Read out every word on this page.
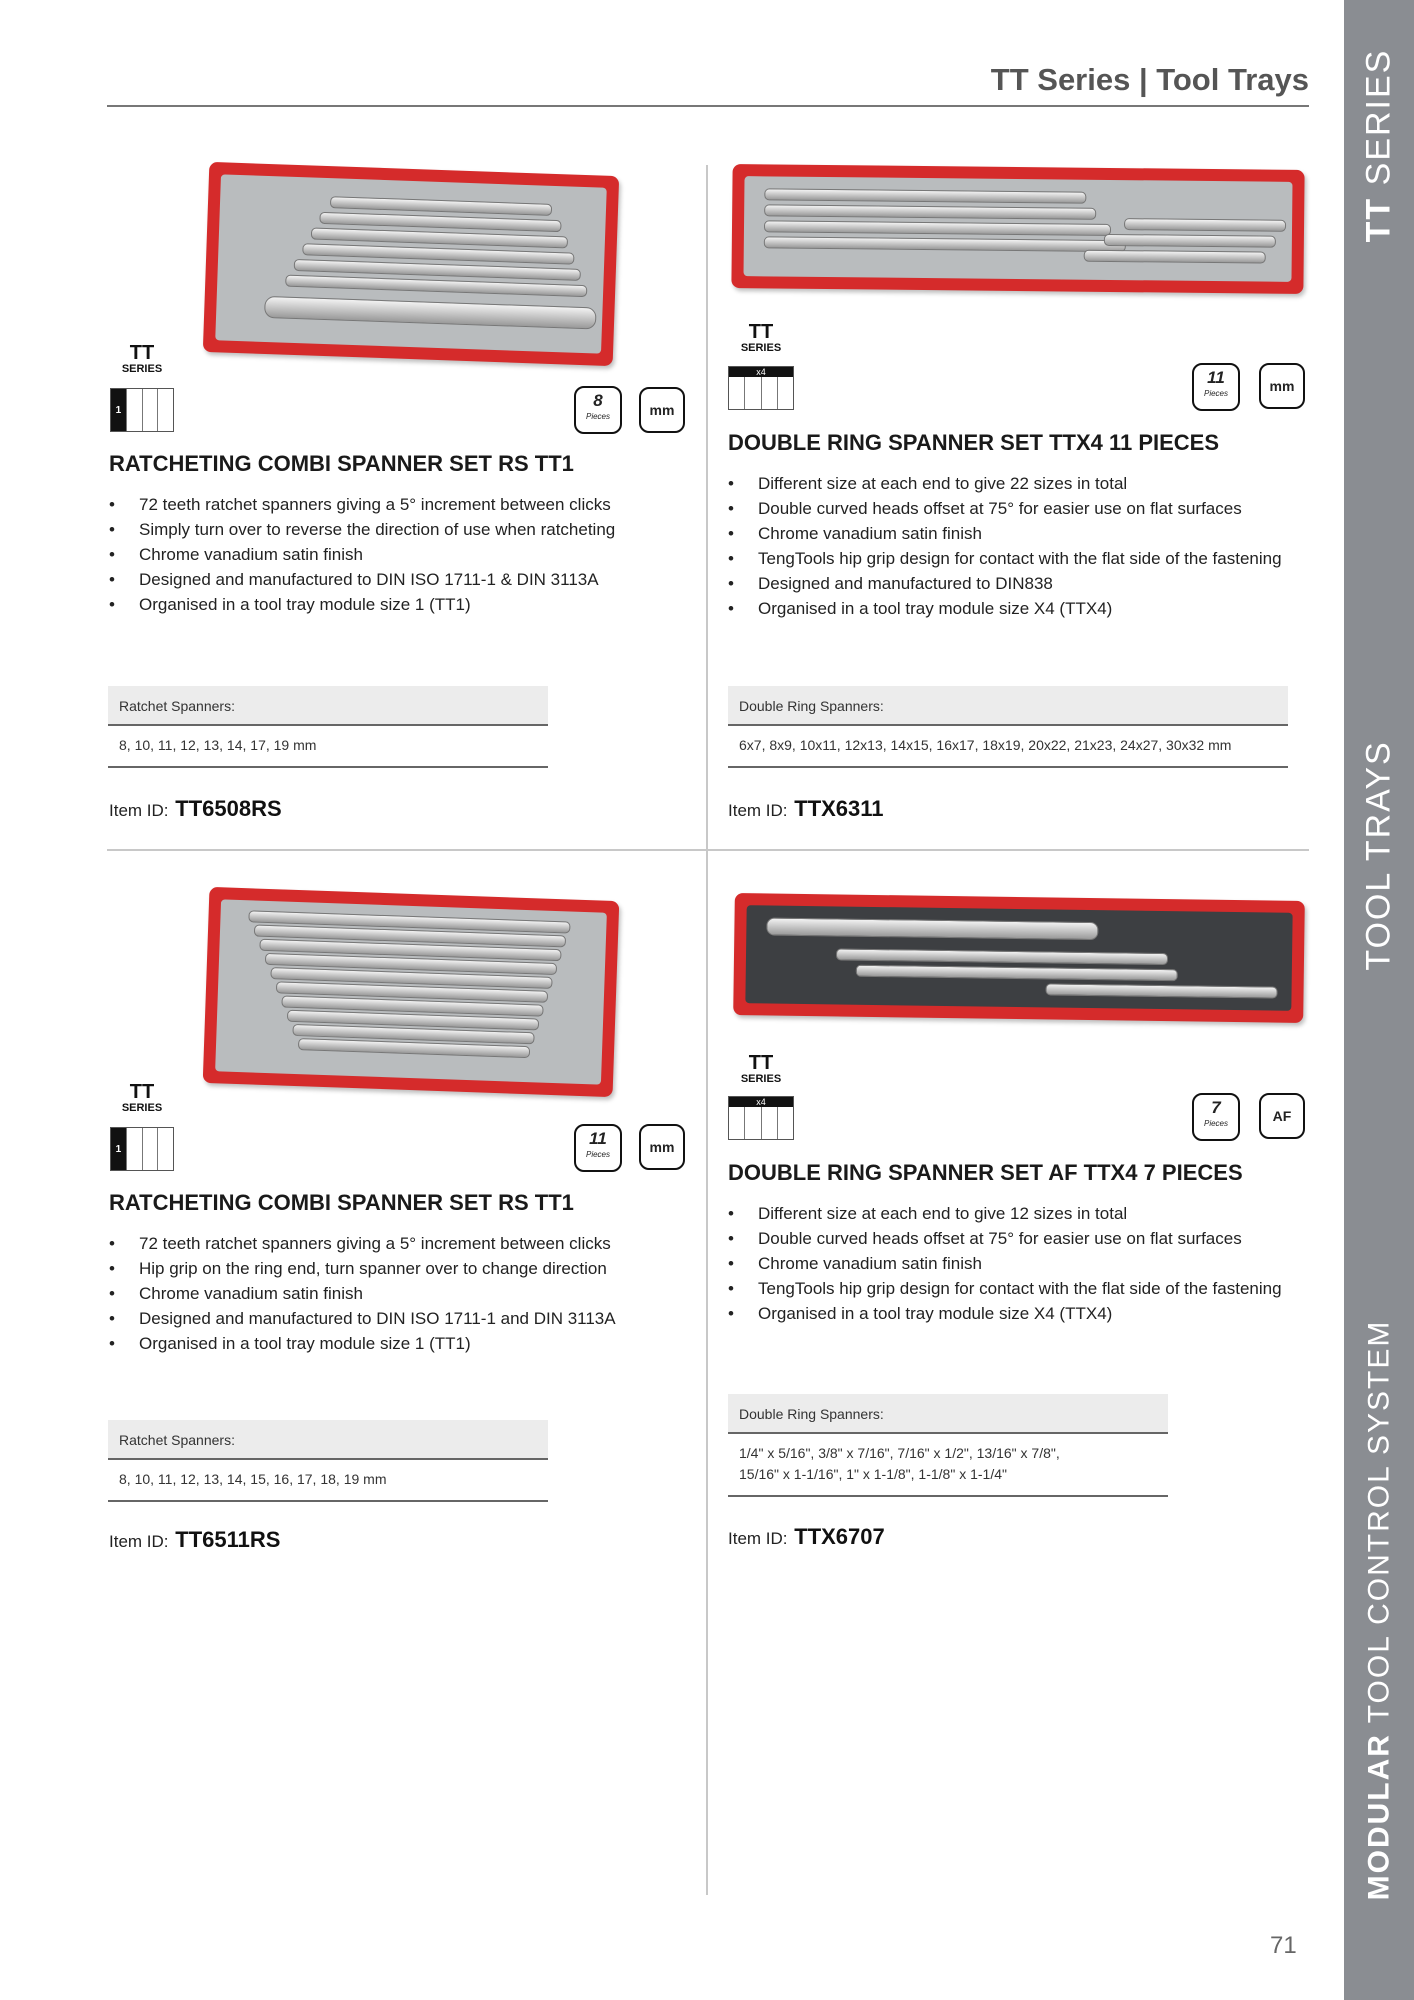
TT Series | Tool Trays
TT SERIES
TOOL TRAYS
MODULAR TOOL CONTROL SYSTEM
71
TT
SERIES
1	8
Pieces	mm
RATCHETING COMBI SPANNER SET RS TT1
• 72 teeth ratchet spanners giving a 5° increment between clicks
• Simply turn over to reverse the direction of use when ratcheting
• Chrome vanadium satin finish
• Designed and manufactured to DIN ISO 1711-1 & DIN 3113A
• Organised in a tool tray module size 1 (TT1)
Ratchet Spanners:
8, 10, 11, 12, 13, 14, 17, 19 mm
Item ID: TT6508RS
TT
SERIES
x4	11
Pieces	mm
DOUBLE RING SPANNER SET TTX4 11 PIECES
• Different size at each end to give 22 sizes in total
• Double curved heads offset at 75° for easier use on flat surfaces
• Chrome vanadium satin finish
• TengTools hip grip design for contact with the flat side of the fastening
• Designed and manufactured to DIN838
• Organised in a tool tray module size X4 (TTX4)
Double Ring Spanners:
6x7, 8x9, 10x11, 12x13, 14x15, 16x17, 18x19, 20x22, 21x23, 24x27, 30x32 mm
Item ID: TTX6311
TT
SERIES
1
11
Pieces	mm
RATCHETING COMBI SPANNER SET RS TT1
• 72 teeth ratchet spanners giving a 5° increment between clicks
• Hip grip on the ring end, turn spanner over to change direction
• Chrome vanadium satin finish
• Designed and manufactured to DIN ISO 1711-1 and DIN 3113A
• Organised in a tool tray module size 1 (TT1)
Ratchet Spanners:
8, 10, 11, 12, 13, 14, 15, 16, 17, 18, 19 mm
Item ID: TT6511RS
TT
SERIES
x4	7
Pieces	AF
DOUBLE RING SPANNER SET AF TTX4 7 PIECES
• Different size at each end to give 12 sizes in total
• Double curved heads offset at 75° for easier use on flat surfaces
• Chrome vanadium satin finish
• TengTools hip grip design for contact with the flat side of the fastening
• Organised in a tool tray module size X4 (TTX4)
Double Ring Spanners:
1/4" x 5/16", 3/8" x 7/16", 7/16" x 1/2", 13/16" x 7/8",
15/16" x 1-1/16", 1" x 1-1/8", 1-1/8" x 1-1/4"
Item ID: TTX6707
